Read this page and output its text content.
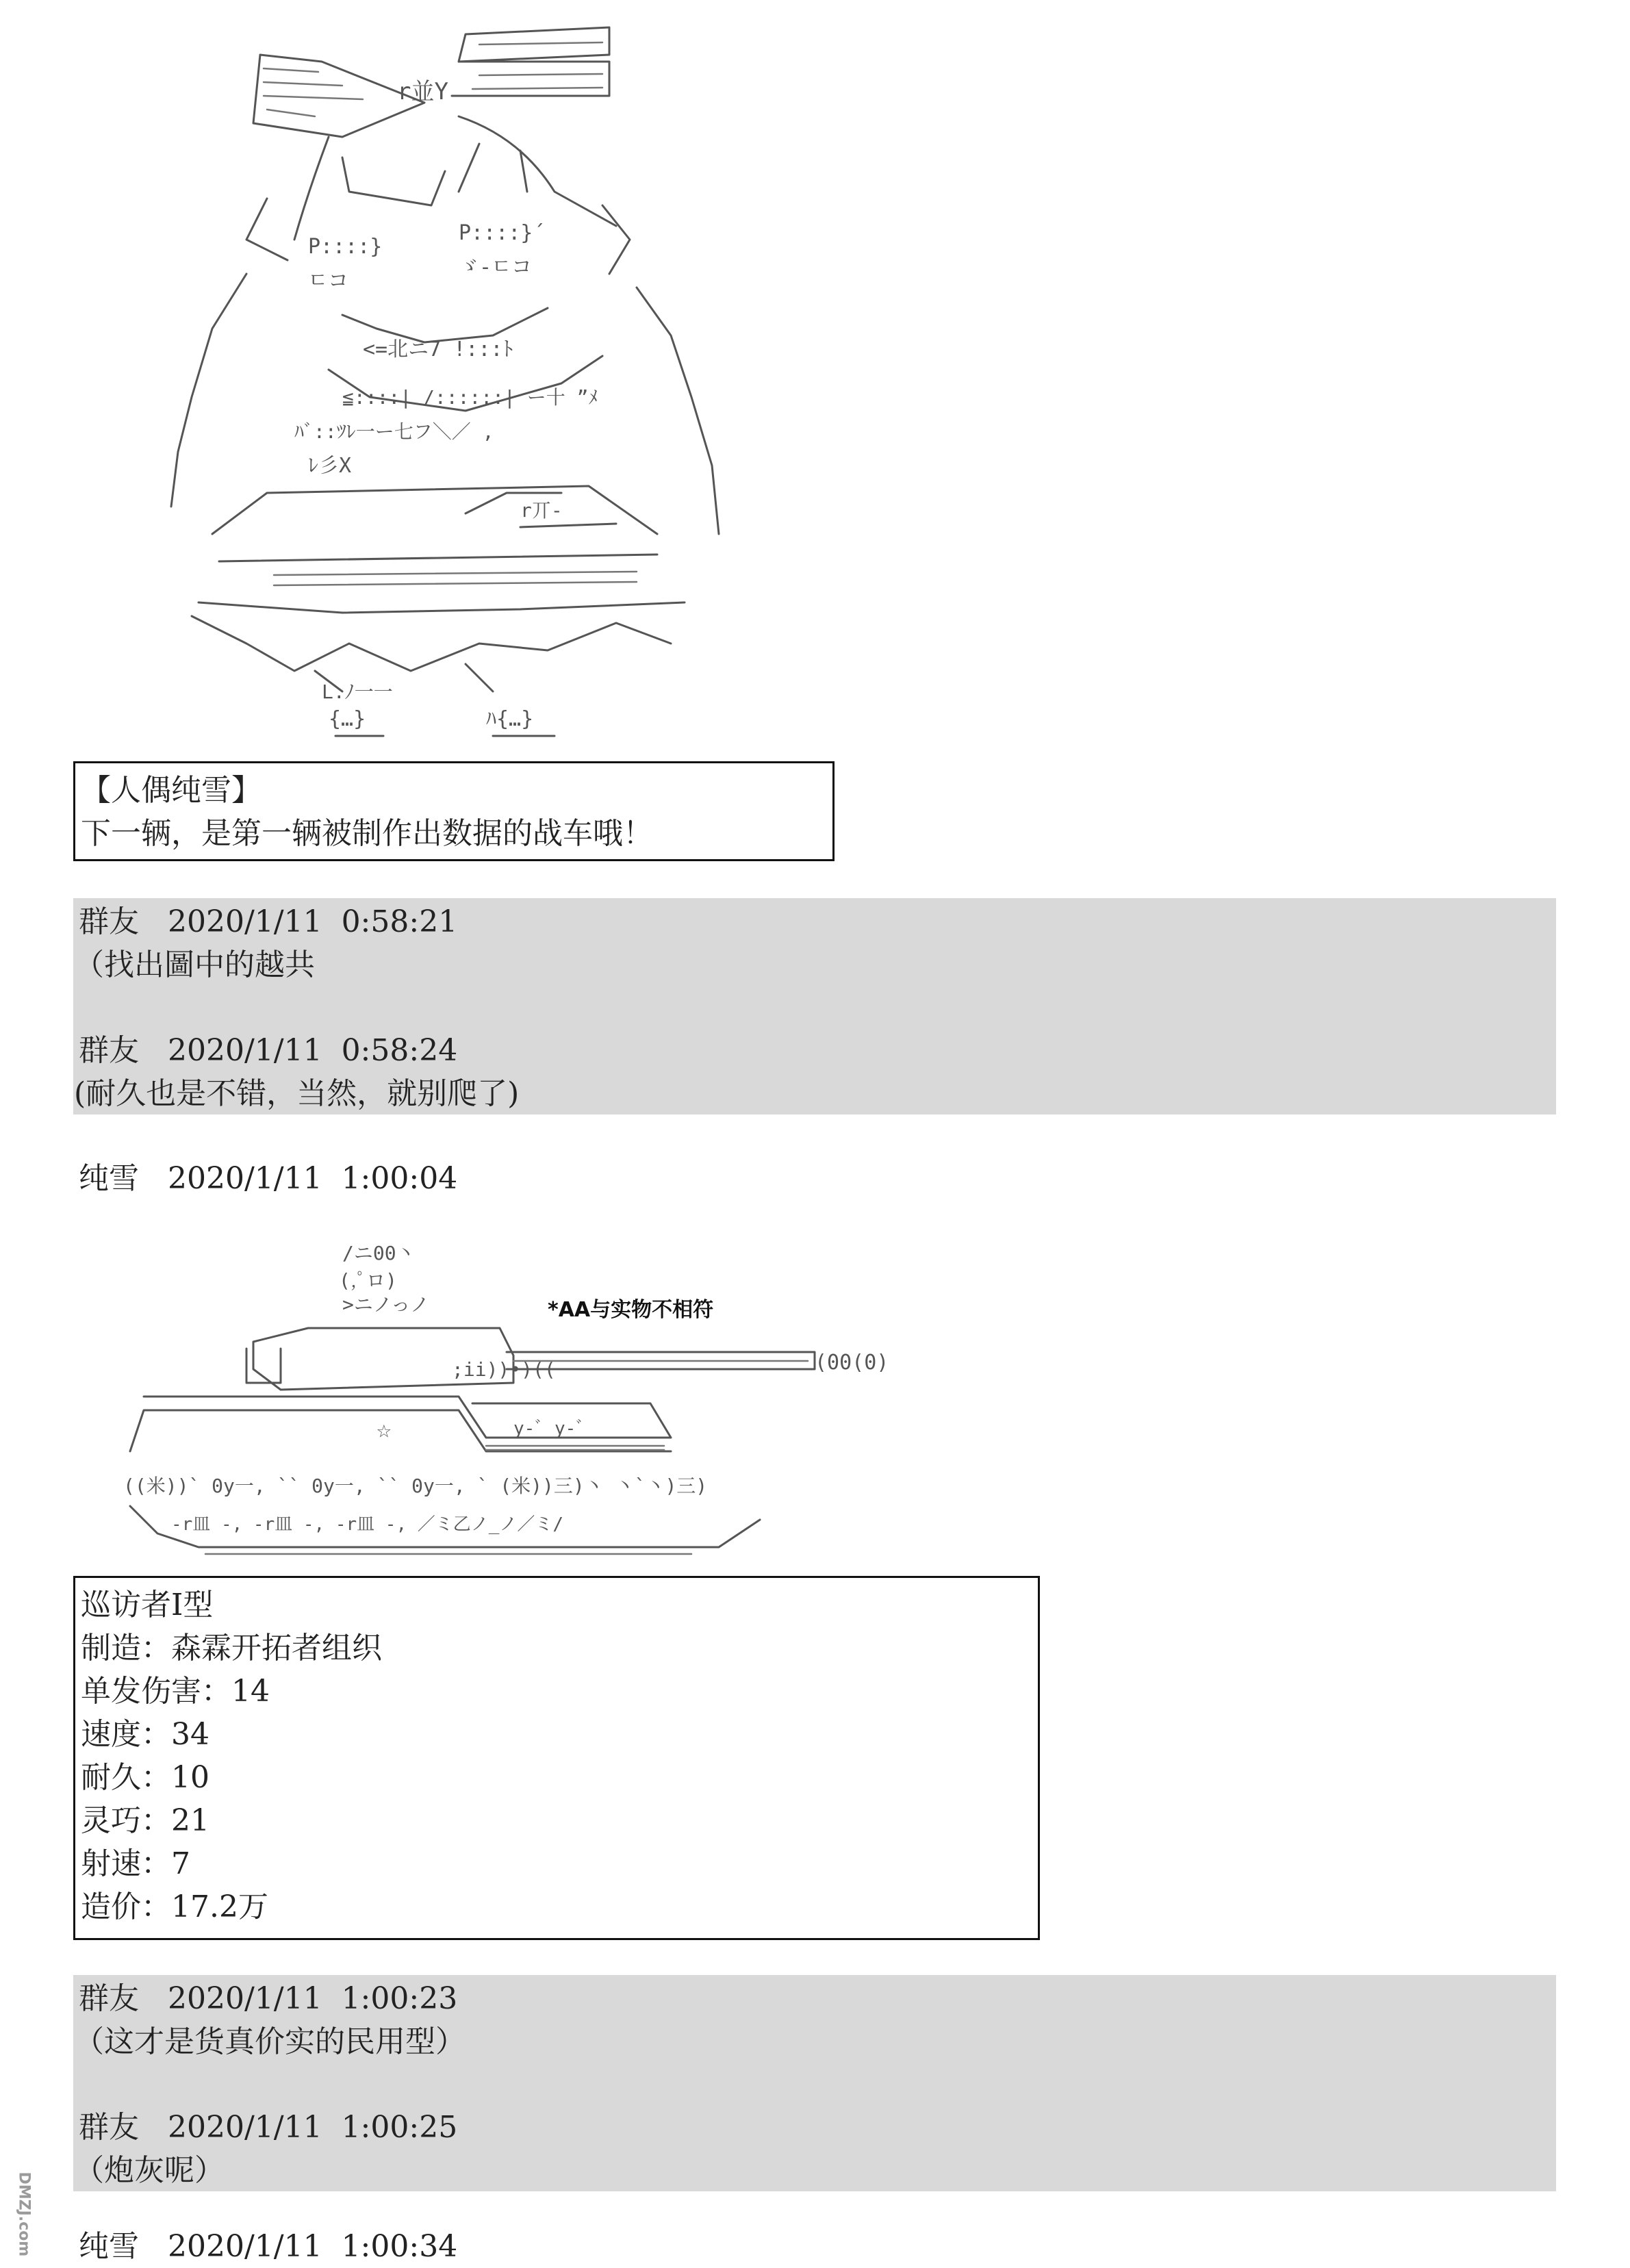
r並Y
P::::}´
P::::}
ゞ-ㄷコ
ㄷコ
<=北ニ7 !:::ﾄ
≦::::| /::::::| ー十 ”ﾒ
ﾊﾞ::ﾂﾚ一ー七フ＼／ ,
ﾚ彡X
r丌-
L.ﾉ一一
{…}	ﾊ{…}
【人偶纯雪】
下一辆，是第一辆被制作出数据的战车哦！
群友 2020/1/11 0:58:21
（找出圖中的越共
群友 2020/1/11 0:58:24
(耐久也是不错，当然，就别爬了)
纯雪 2020/1/11 1:00:04
/ニ00丶
(,ﾟロ)
>ニノっノ
;ii))•)((	(00(0)
☆	y-ﾞ y-ﾞ
((米))` 0y一, `` 0y一, `` 0y一, ` (米))三)丶 丶`丶)三)
-r皿 -, -r皿 -, -r皿 -, ／ミ乙ノ_ノ／ミ/
*AA与实物不相符
巡访者Ⅰ型
制造：森霖开拓者组织
单发伤害：14
速度：34
耐久：10
灵巧：21
射速：7
造价：17.2万
群友 2020/1/11 1:00:23
（这才是货真价实的民用型）
群友 2020/1/11 1:00:25
（炮灰呢）
纯雪 2020/1/11 1:00:34
DMZJ.com
